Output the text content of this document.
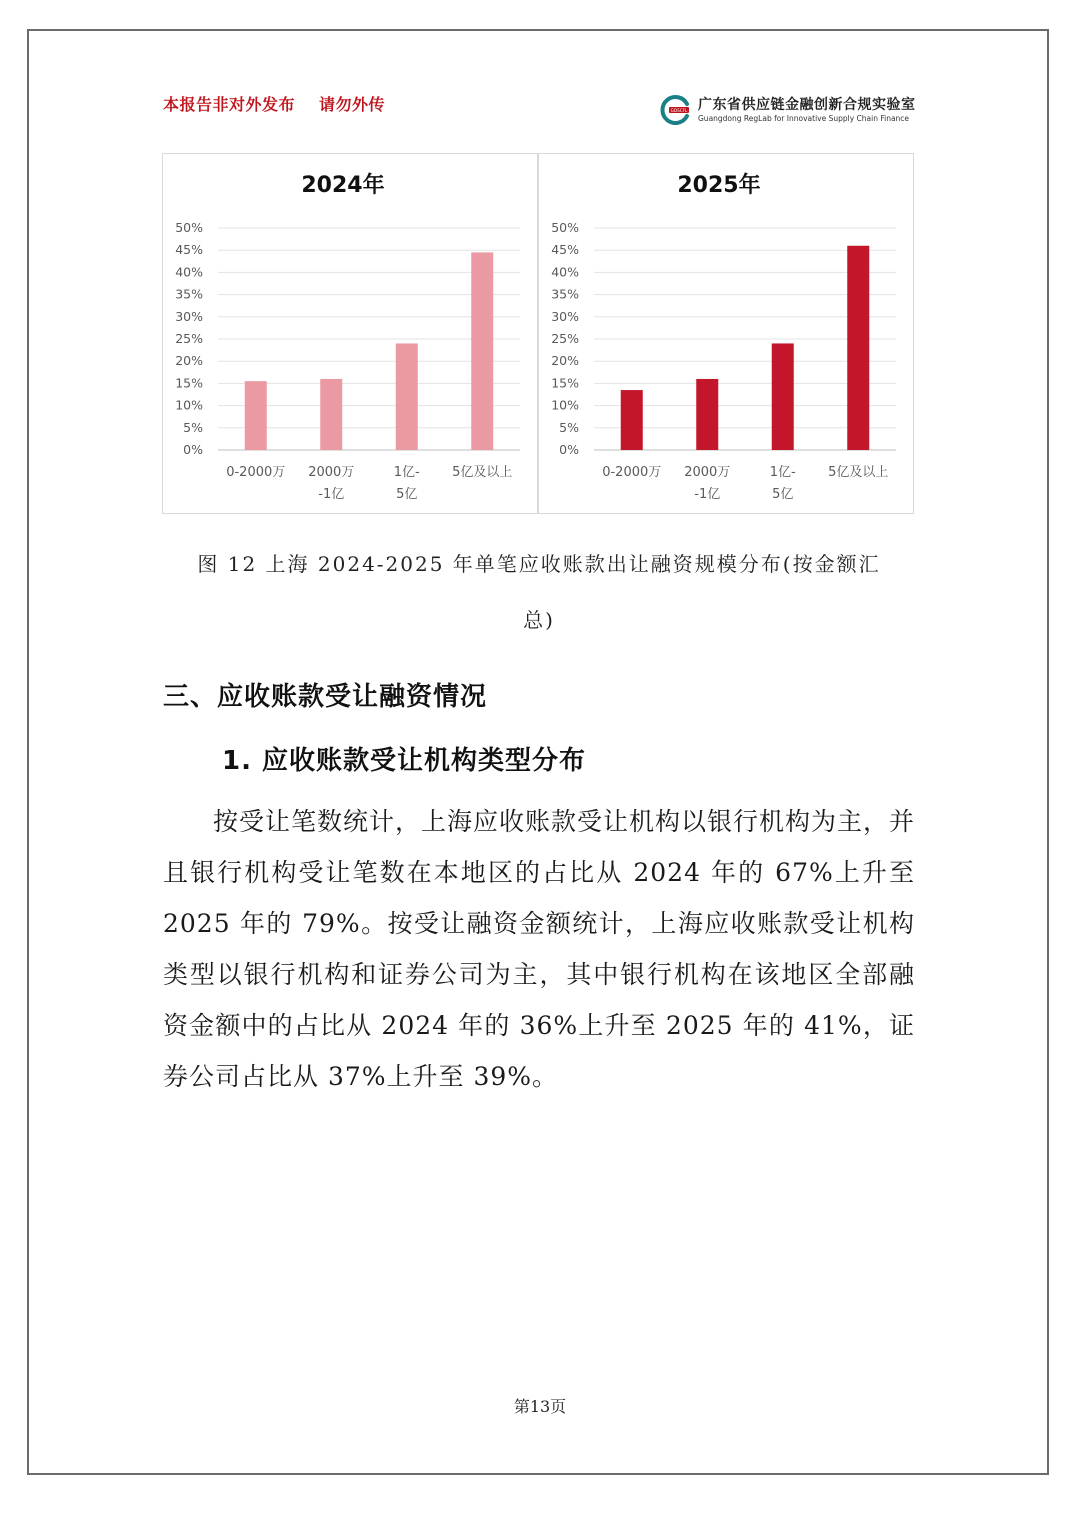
本报告非对外发布 请勿外传	GDSCFL 广东省供应链金融创新合规实验室
Guangdong RegLab for Innovative Supply Chain Finance
2024年
0%
5%
10%
15%
20%
25%
30%
35%
40%
45%
50%
0-2000万 2000万
-1亿
1亿-
5亿
5亿及以上
2025年
0%
5%
10%
15%
20%
25%
30%
35%
40%
45%
50%
0-2000万 2000万
-1亿
1亿-
5亿
5亿及以上
图 12 上海 2024-2025 年单笔应收账款出让融资规模分布(按金额汇
总)
三、应收账款受让融资情况
1. 应收账款受让机构类型分布

按受让笔数统计，上海应收账款受让机构以银行机构为主，并且银行机构受让笔数在本地区的占比从 2024 年的 67%上升至 2025 年的 79%。按受让融资金额统计，上海应收账款受让机构类型以银行机构和证券公司为主，其中银行机构在该地区全部融资金额中的占比从 2024 年的 36%上升至 2025 年的 41%，证券公司占比从 37%上升至 39%。

第13页
